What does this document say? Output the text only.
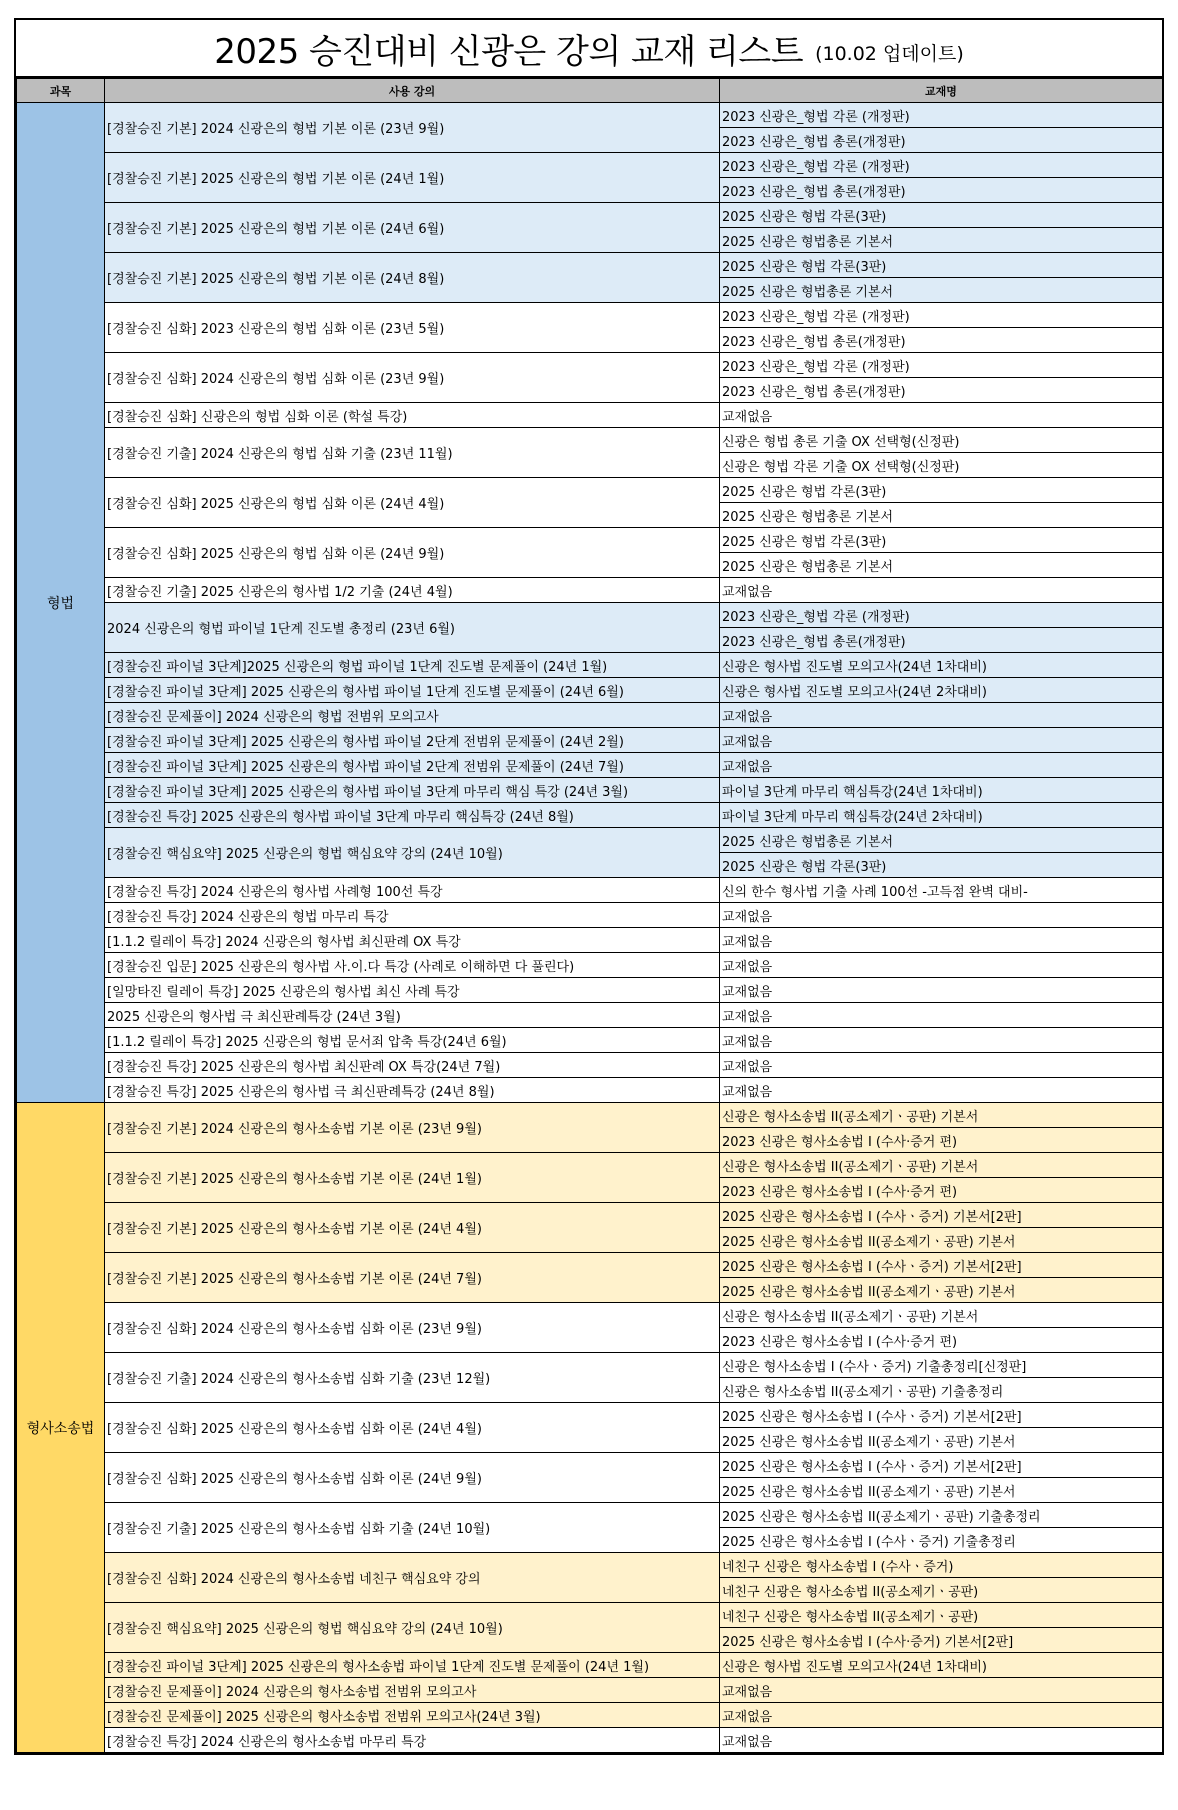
2025 승진대비 신광은 강의 교재 리스트 (10.02 업데이트)
과목	사용 강의	교재명
형법	[경찰승진 기본] 2024 신광은의 형법 기본 이론 (23년 9월)	2023 신광은_형법 각론 (개정판)
		2023 신광은_형법 총론(개정판)
	[경찰승진 기본] 2025 신광은의 형법 기본 이론 (24년 1월)	2023 신광은_형법 각론 (개정판)
		2023 신광은_형법 총론(개정판)
	[경찰승진 기본] 2025 신광은의 형법 기본 이론 (24년 6월)	2025 신광은 형법 각론(3판)
		2025 신광은 형법총론 기본서
	[경찰승진 기본] 2025 신광은의 형법 기본 이론 (24년 8월)	2025 신광은 형법 각론(3판)
		2025 신광은 형법총론 기본서
	[경찰승진 심화] 2023 신광은의 형법 심화 이론 (23년 5월)	2023 신광은_형법 각론 (개정판)
		2023 신광은_형법 총론(개정판)
	[경찰승진 심화] 2024 신광은의 형법 심화 이론 (23년 9월)	2023 신광은_형법 각론 (개정판)
		2023 신광은_형법 총론(개정판)
	[경찰승진 심화] 신광은의 형법 심화 이론 (학설 특강)	교재없음
	[경찰승진 기출] 2024 신광은의 형법 심화 기출 (23년 11월)	신광은 형법 총론 기출 OX 선택형(신정판)
		신광은 형법 각론 기출 OX 선택형(신정판)
	[경찰승진 심화] 2025 신광은의 형법 심화 이론 (24년 4월)	2025 신광은 형법 각론(3판)
		2025 신광은 형법총론 기본서
	[경찰승진 심화] 2025 신광은의 형법 심화 이론 (24년 9월)	2025 신광은 형법 각론(3판)
		2025 신광은 형법총론 기본서
	[경찰승진 기출] 2025 신광은의 형사법 1/2 기출 (24년 4월)	교재없음
	2024 신광은의 형법 파이널 1단계 진도별 총정리 (23년 6월)	2023 신광은_형법 각론 (개정판)
		2023 신광은_형법 총론(개정판)
	[경찰승진 파이널 3단계]2025 신광은의 형법 파이널 1단계 진도별 문제풀이 (24년 1월)	신광은 형사법 진도별 모의고사(24년 1차대비)
	[경찰승진 파이널 3단계] 2025 신광은의 형사법 파이널 1단계 진도별 문제풀이 (24년 6월)	신광은 형사법 진도별 모의고사(24년 2차대비)
	[경찰승진 문제풀이] 2024 신광은의 형법 전범위 모의고사	교재없음
	[경찰승진 파이널 3단계] 2025 신광은의 형사법 파이널 2단계 전범위 문제풀이 (24년 2월)	교재없음
	[경찰승진 파이널 3단계] 2025 신광은의 형사법 파이널 2단계 전범위 문제풀이 (24년 7월)	교재없음
	[경찰승진 파이널 3단계] 2025 신광은의 형사법 파이널 3단계 마무리 핵심 특강 (24년 3월)	파이널 3단계 마무리 핵심특강(24년 1차대비)
	[경찰승진 특강] 2025 신광은의 형사법 파이널 3단계 마무리 핵심특강 (24년 8월)	파이널 3단계 마무리 핵심특강(24년 2차대비)
	[경찰승진 핵심요약] 2025 신광은의 형법 핵심요약 강의 (24년 10월)	2025 신광은 형법총론 기본서
		2025 신광은 형법 각론(3판)
	[경찰승진 특강] 2024 신광은의 형사법 사례형 100선 특강	신의 한수 형사법 기출 사례 100선 -고득점 완벽 대비-
	[경찰승진 특강] 2024 신광은의 형법 마무리 특강	교재없음
	[1.1.2 릴레이 특강] 2024 신광은의 형사법 최신판례 OX 특강	교재없음
	[경찰승진 입문] 2025 신광은의 형사법 사.이.다 특강 (사례로 이해하면 다 풀린다)	교재없음
	[일망타진 릴레이 특강] 2025 신광은의 형사법 최신 사례 특강	교재없음
	2025 신광은의 형사법 극 최신판례특강 (24년 3월)	교재없음
	[1.1.2 릴레이 특강] 2025 신광은의 형법 문서죄 압축 특강(24년 6월)	교재없음
	[경찰승진 특강] 2025 신광은의 형사법 최신판례 OX 특강(24년 7월)	교재없음
	[경찰승진 특강] 2025 신광은의 형사법 극 최신판례특강 (24년 8월)	교재없음
형사소송법	[경찰승진 기본] 2024 신광은의 형사소송법 기본 이론 (23년 9월)	신광은 형사소송법 II(공소제기ㆍ공판) 기본서
		2023 신광은 형사소송법 I (수사·증거 편)
	[경찰승진 기본] 2025 신광은의 형사소송법 기본 이론 (24년 1월)	신광은 형사소송법 II(공소제기ㆍ공판) 기본서
		2023 신광은 형사소송법 I (수사·증거 편)
	[경찰승진 기본] 2025 신광은의 형사소송법 기본 이론 (24년 4월)	2025 신광은 형사소송법 I (수사ㆍ증거) 기본서[2판]
		2025 신광은 형사소송법 II(공소제기ㆍ공판) 기본서
	[경찰승진 기본] 2025 신광은의 형사소송법 기본 이론 (24년 7월)	2025 신광은 형사소송법 I (수사ㆍ증거) 기본서[2판]
		2025 신광은 형사소송법 II(공소제기ㆍ공판) 기본서
	[경찰승진 심화] 2024 신광은의 형사소송법 심화 이론 (23년 9월)	신광은 형사소송법 II(공소제기ㆍ공판) 기본서
		2023 신광은 형사소송법 I (수사·증거 편)
	[경찰승진 기출] 2024 신광은의 형사소송법 심화 기출 (23년 12월)	신광은 형사소송법 I (수사ㆍ증거) 기출총정리[신정판]
		신광은 형사소송법 II(공소제기ㆍ공판) 기출총정리
	[경찰승진 심화] 2025 신광은의 형사소송법 심화 이론 (24년 4월)	2025 신광은 형사소송법 I (수사ㆍ증거) 기본서[2판]
		2025 신광은 형사소송법 II(공소제기ㆍ공판) 기본서
	[경찰승진 심화] 2025 신광은의 형사소송법 심화 이론 (24년 9월)	2025 신광은 형사소송법 I (수사ㆍ증거) 기본서[2판]
		2025 신광은 형사소송법 II(공소제기ㆍ공판) 기본서
	[경찰승진 기출] 2025 신광은의 형사소송법 심화 기출 (24년 10월)	2025 신광은 형사소송법 II(공소제기ㆍ공판) 기출총정리
		2025 신광은 형사소송법 I (수사ㆍ증거) 기출총정리
	[경찰승진 심화] 2024 신광은의 형사소송법 네친구 핵심요약 강의	네친구 신광은 형사소송법 I (수사ㆍ증거)
		네친구 신광은 형사소송법 II(공소제기ㆍ공판)
	[경찰승진 핵심요약] 2025 신광은의 형법 핵심요약 강의 (24년 10월)	네친구 신광은 형사소송법 II(공소제기ㆍ공판)
		2025 신광은 형사소송법 I (수사·증거) 기본서[2판]
	[경찰승진 파이널 3단계] 2025 신광은의 형사소송법 파이널 1단계 진도별 문제풀이 (24년 1월)	신광은 형사법 진도별 모의고사(24년 1차대비)
	[경찰승진 문제풀이] 2024 신광은의 형사소송법 전범위 모의고사	교재없음
	[경찰승진 문제풀이] 2025 신광은의 형사소송법 전범위 모의고사(24년 3월)	교재없음
	[경찰승진 특강] 2024 신광은의 형사소송법 마무리 특강	교재없음
